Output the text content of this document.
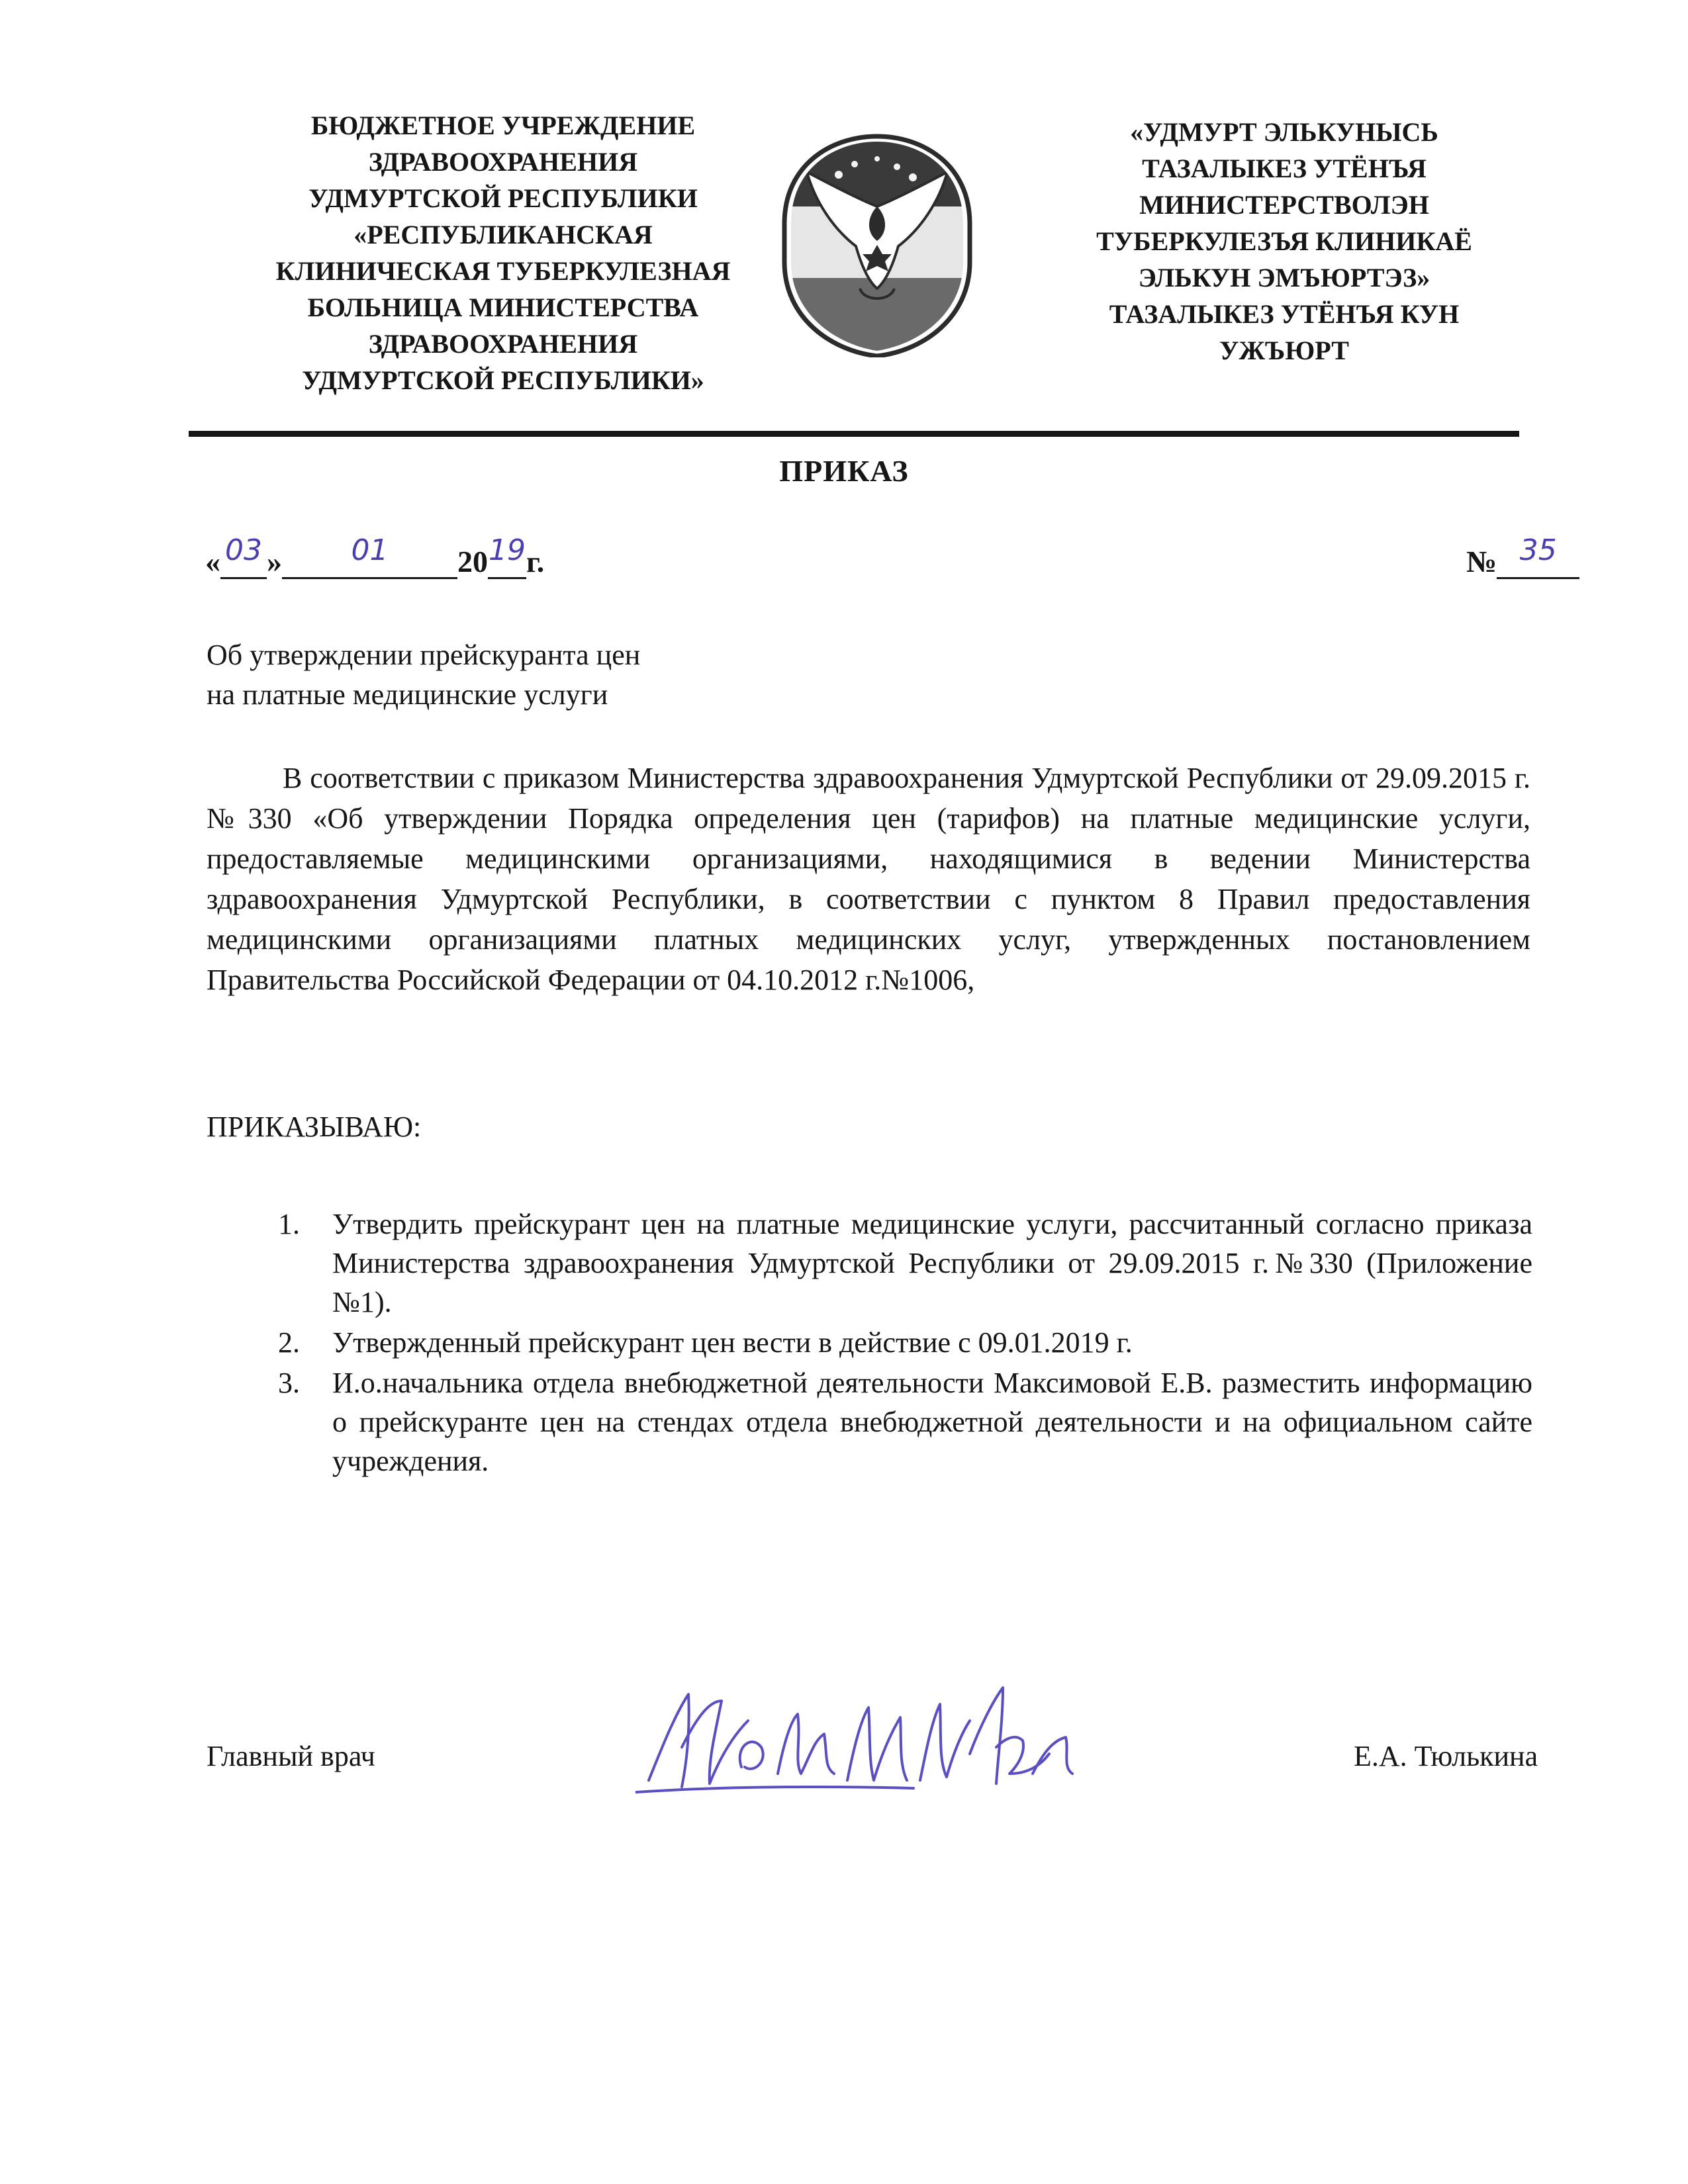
БЮДЖЕТНОЕ УЧРЕЖДЕНИЕ
ЗДРАВООХРАНЕНИЯ
УДМУРТСКОЙ РЕСПУБЛИКИ
«РЕСПУБЛИКАНСКАЯ
КЛИНИЧЕСКАЯ ТУБЕРКУЛЕЗНАЯ
БОЛЬНИЦА МИНИСТЕРСТВА
ЗДРАВООХРАНЕНИЯ
УДМУРТСКОЙ РЕСПУБЛИКИ»
«УДМУРТ ЭЛЬКУНЫСЬ
ТАЗАЛЫКЕЗ УТЁНЪЯ
МИНИСТЕРСТВОЛЭН
ТУБЕРКУЛЕЗЪЯ КЛИНИКАЁ
ЭЛЬКУН ЭМЪЮРТЭЗ»
ТАЗАЛЫКЕЗ УТЁНЪЯ КУН
УЖЪЮРТ
ПРИКАЗ
« 03 »	01	20 19 г.	№ 35
Об утверждении прейскуранта цен
на платные медицинские услуги

В соответствии с приказом Министерства здравоохранения Удмуртской Республики от 29.09.2015 г.№330 «Об утверждении Порядка определения цен (тарифов) на платные медицинские услуги, предоставляемые медицинскими организациями, находящимися в ведении Министерства здравоохранения Удмуртской Республики, в соответствии с пунктом 8 Правил предоставления медицинскими организациями платных медицинских услуг, утвержденных постановлением Правительства Российской Федерации от 04.10.2012 г.№1006,

ПРИКАЗЫВАЮ:
1. Утвердить прейскурант цен на платные медицинские услуги, рассчитанный согласно приказа Министерства здравоохранения Удмуртской Республики от 29.09.2015 г.№330 (Приложение №1).
2. Утвержденный прейскурант цен вести в действие с 09.01.2019 г.
3. И.о.начальника отдела внебюджетной деятельности Максимовой Е.В. разместить информацию о прейскуранте цен на стендах отдела внебюджетной деятельности и на официальном сайте учреждения.
Главный врач	Е.А. Тюлькина
